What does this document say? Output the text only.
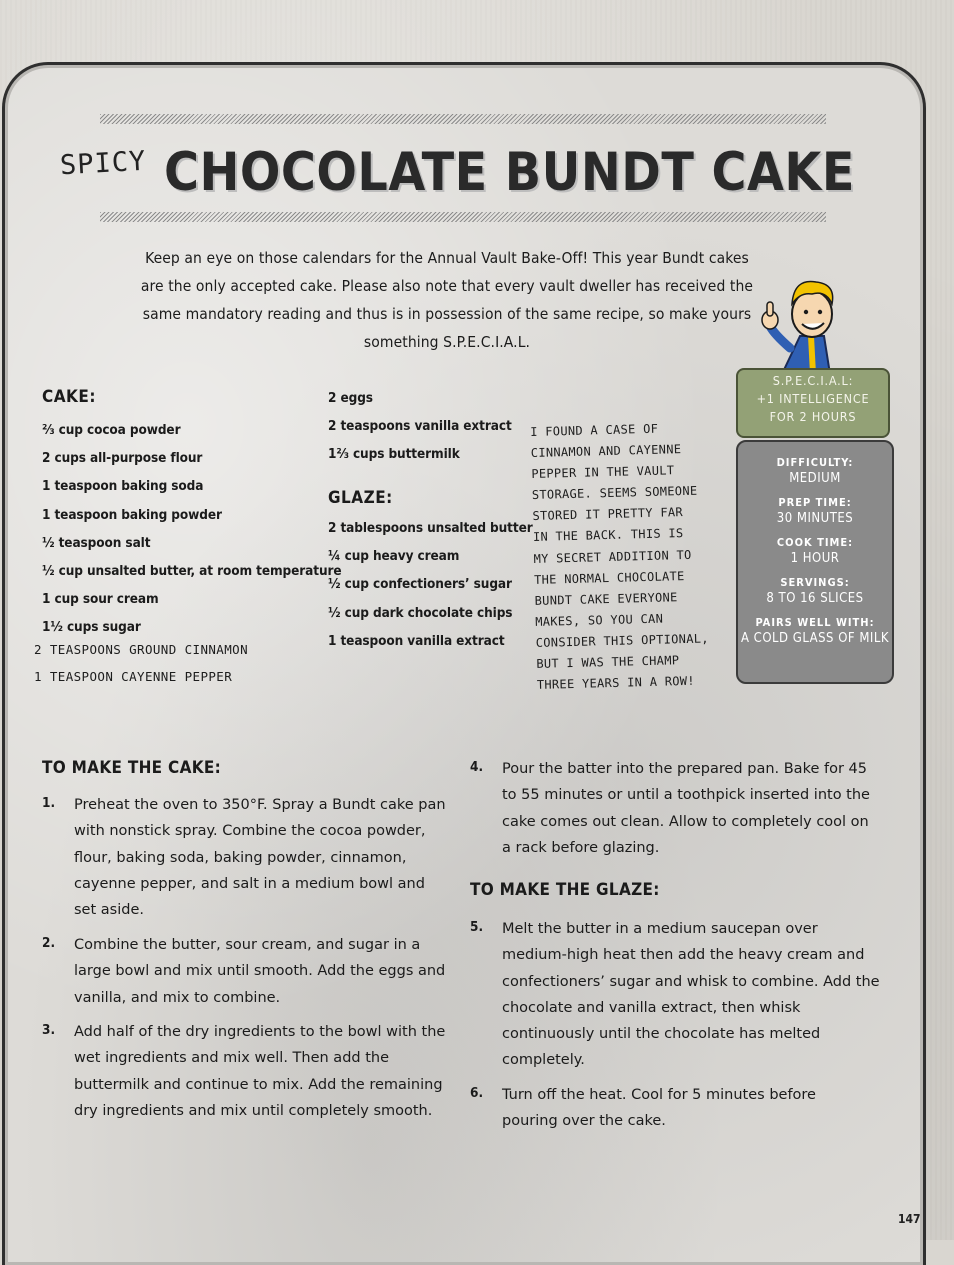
SPICY CHOCOLATE BUNDT CAKE

Keep an eye on those calendars for the Annual Vault Bake-Off! This year Bundt cakes are the only accepted cake. Please also note that every vault dweller has received the same mandatory reading and thus is in possession of the same recipe, so make yours something S.P.E.C.I.A.L.

S.P.E.C.I.A.L:
+1 INTELLIGENCE
FOR 2 HOURS
DIFFICULTY:
MEDIUM
PREP TIME:
30 MINUTES
COOK TIME:
1 HOUR
SERVINGS:
8 TO 16 SLICES
PAIRS WELL WITH:
A COLD GLASS OF MILK
CAKE:
⅔ cup cocoa powder
2 cups all-purpose flour
1 teaspoon baking soda
1 teaspoon baking powder
½ teaspoon salt
½ cup unsalted butter, at room temperature
1 cup sour cream
1½ cups sugar
2 TEASPOONS GROUND CINNAMON
1 TEASPOON CAYENNE PEPPER
2 eggs
2 teaspoons vanilla extract
1⅔ cups buttermilk
GLAZE:
2 tablespoons unsalted butter
¼ cup heavy cream
½ cup confectioners’ sugar
½ cup dark chocolate chips
1 teaspoon vanilla extract
I FOUND A CASE OF
CINNAMON AND CAYENNE
PEPPER IN THE VAULT
STORAGE. SEEMS SOMEONE
STORED IT PRETTY FAR
IN THE BACK. THIS IS
MY SECRET ADDITION TO
THE NORMAL CHOCOLATE
BUNDT CAKE EVERYONE
MAKES, SO YOU CAN
CONSIDER THIS OPTIONAL,
BUT I WAS THE CHAMP
THREE YEARS IN A ROW!
TO MAKE THE CAKE:
1. Preheat the oven to 350°F. Spray a Bundt cake pan with nonstick spray. Combine the cocoa powder, flour, baking soda, baking powder, cinnamon, cayenne pepper, and salt in a medium bowl and set aside.

2. Combine the butter, sour cream, and sugar in a large bowl and mix until smooth. Add the eggs and vanilla, and mix to combine.

3. Add half of the dry ingredients to the bowl with the wet ingredients and mix well. Then add the buttermilk and continue to mix. Add the remaining dry ingredients and mix until completely smooth.

4. Pour the batter into the prepared pan. Bake for 45 to 55 minutes or until a toothpick inserted into the cake comes out clean. Allow to completely cool on a rack before glazing.

TO MAKE THE GLAZE:
5. Melt the butter in a medium saucepan over medium-high heat then add the heavy cream and confectioners’ sugar and whisk to combine. Add the chocolate and vanilla extract, then whisk continuously until the chocolate has melted completely.

6. Turn off the heat. Cool for 5 minutes before pouring over the cake.

147
